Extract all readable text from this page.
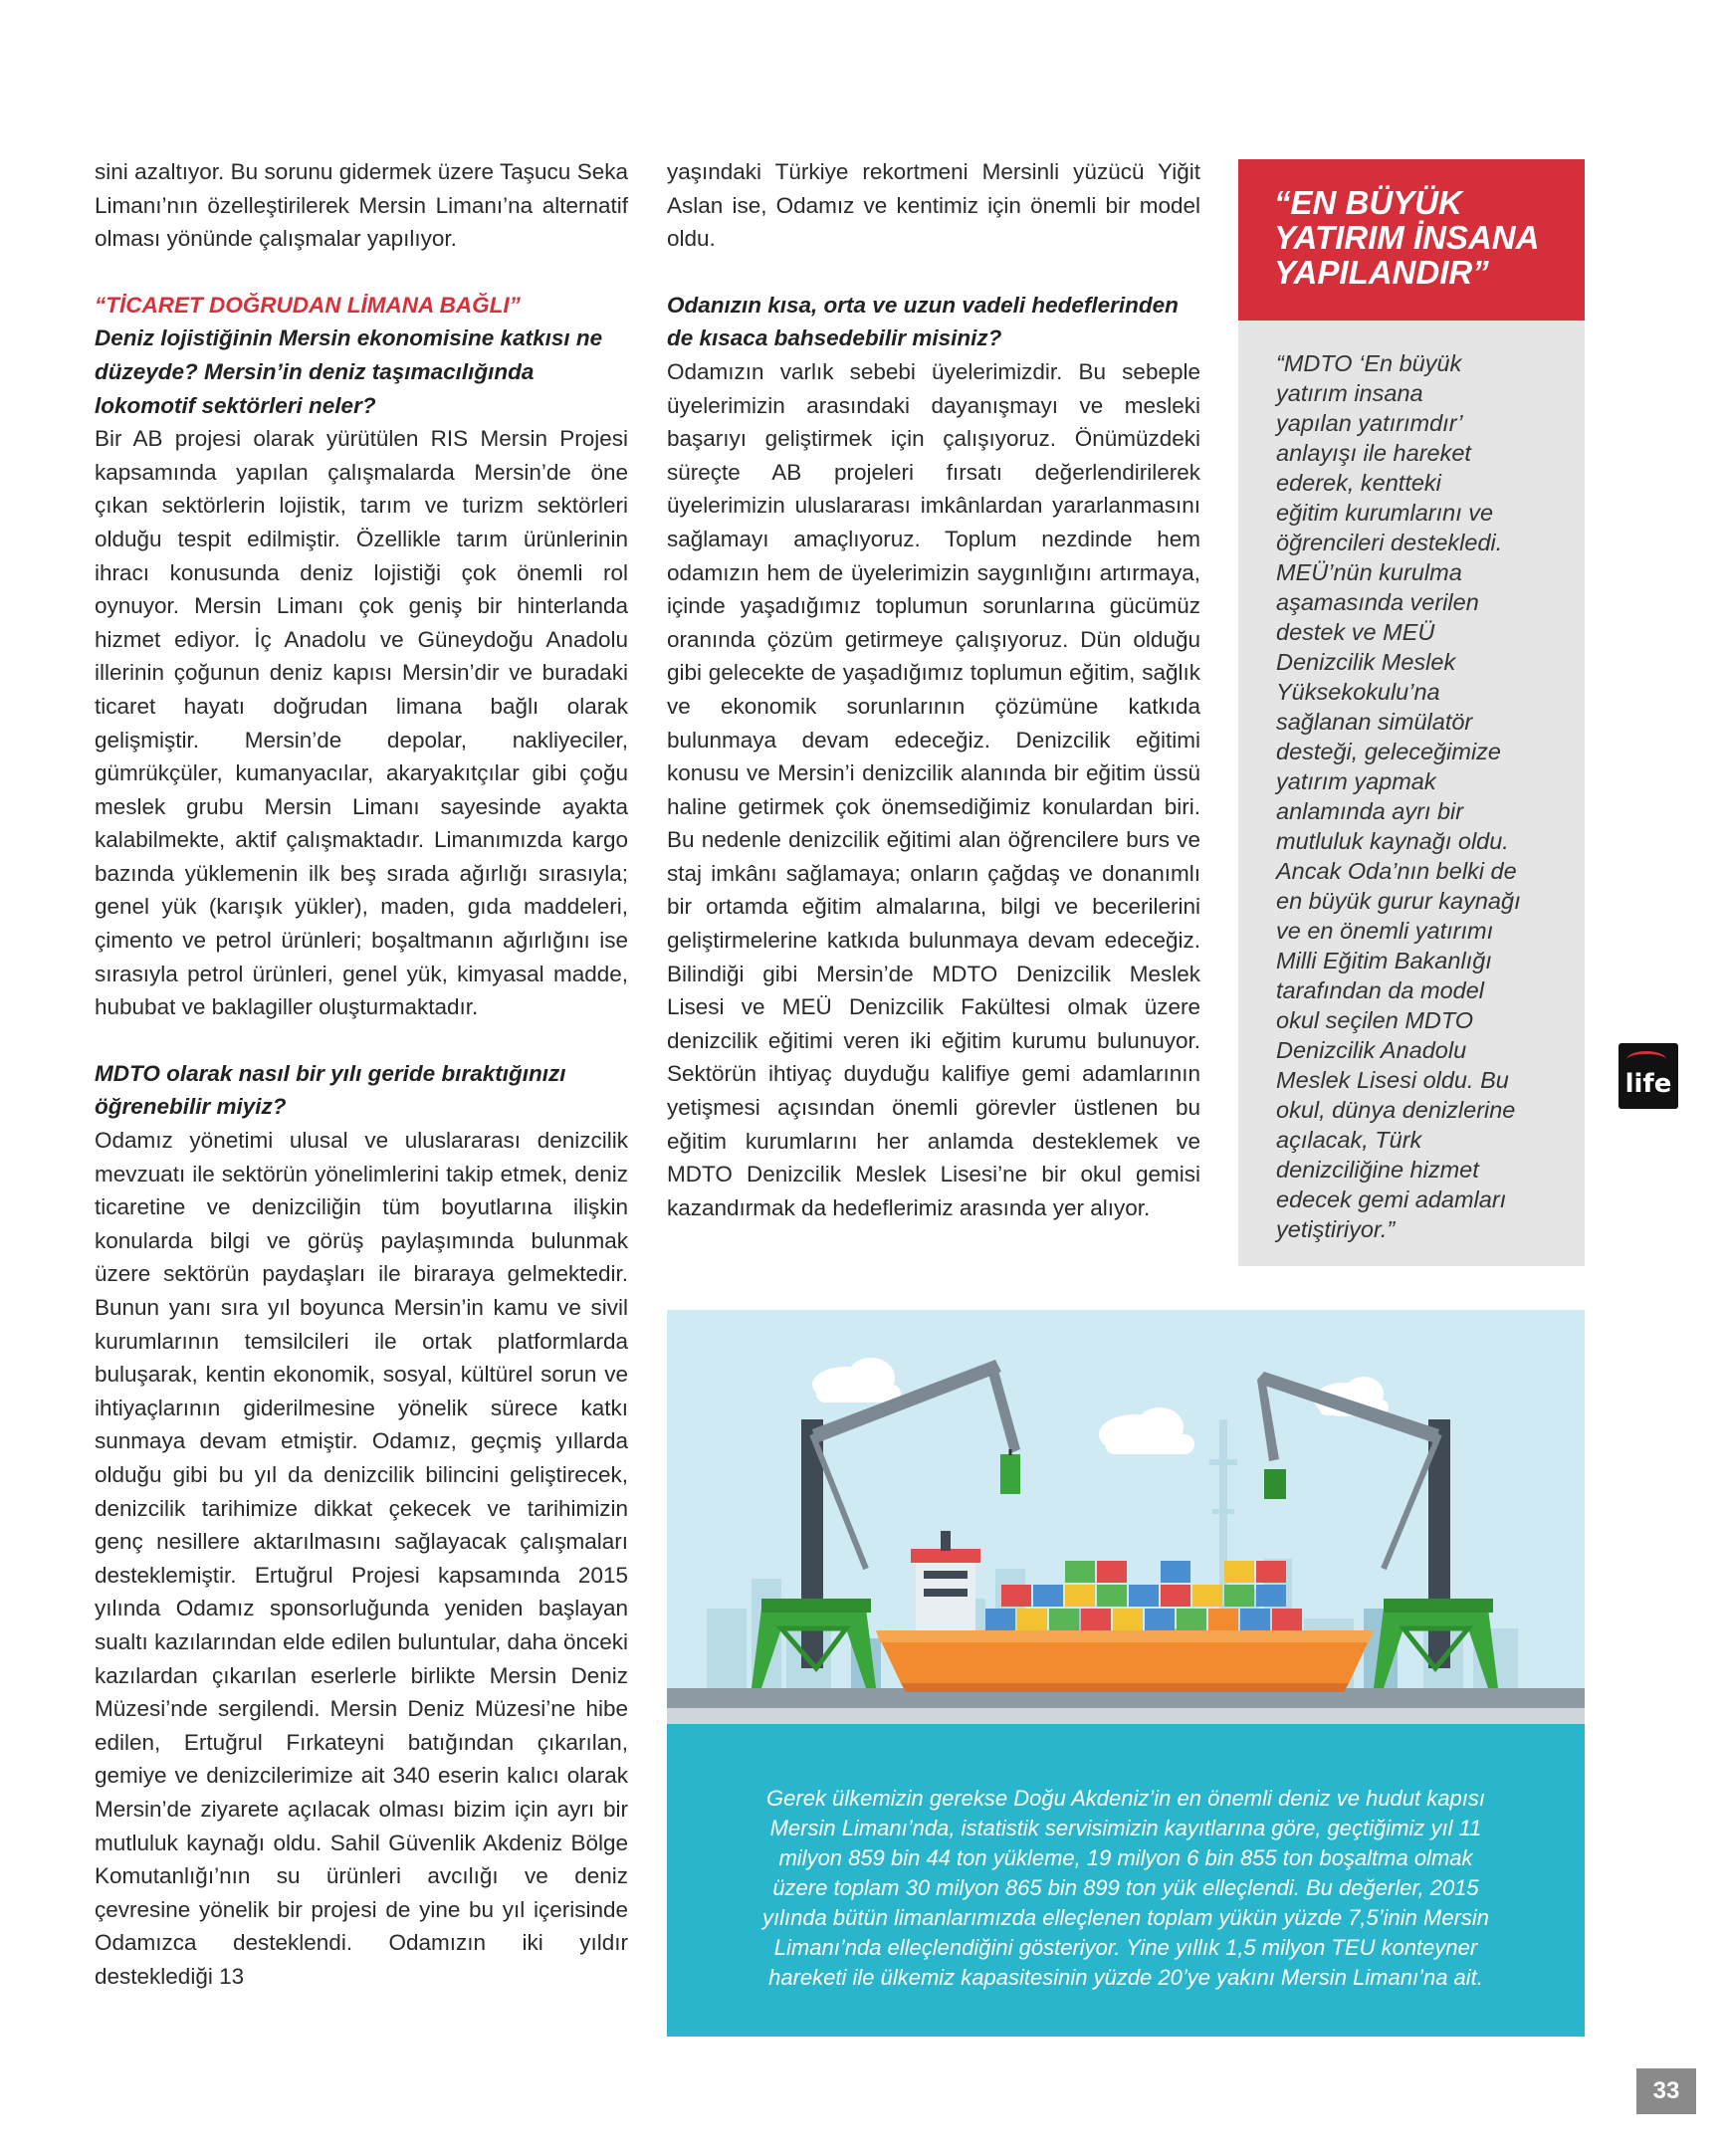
sini azaltıyor. Bu sorunu gidermek üzere Taşucu Seka Limanı’nın özelleştirilerek Mersin Limanı’na alternatif olması yönünde çalışmalar yapılıyor.

“TİCARET DOĞRUDAN LİMANA BAĞLI”

Deniz lojistiğinin Mersin ekonomisine katkısı ne düzeyde? Mersin’in deniz taşımacılığında lokomotif sektörleri neler?

Bir AB projesi olarak yürütülen RIS Mersin Projesi kapsamında yapılan çalışmalarda Mersin’de öne çıkan sektörlerin lojistik, tarım ve turizm sektörleri olduğu tespit edilmiştir. Özellikle tarım ürünlerinin ihracı konusunda deniz lojistiği çok önemli rol oynuyor. Mersin Limanı çok geniş bir hinterlanda hizmet ediyor. İç Anadolu ve Güneydoğu Anadolu illerinin çoğunun deniz kapısı Mersin’dir ve buradaki ticaret hayatı doğrudan limana bağlı olarak gelişmiştir. Mersin’de depolar, nakliyeciler, gümrükçüler, kumanyacılar, akaryakıtçılar gibi çoğu meslek grubu Mersin Limanı sayesinde ayakta kalabilmekte, aktif çalışmaktadır. Limanımızda kargo bazında yüklemenin ilk beş sırada ağırlığı sırasıyla; genel yük (karışık yükler), maden, gıda maddeleri, çimento ve petrol ürünleri; boşaltmanın ağırlığını ise sırasıyla petrol ürünleri, genel yük, kimyasal madde, hububat ve baklagiller oluşturmaktadır.

MDTO olarak nasıl bir yılı geride bıraktığınızı öğrenebilir miyiz?

Odamız yönetimi ulusal ve uluslararası denizcilik mevzuatı ile sektörün yönelimlerini takip etmek, deniz ticaretine ve denizciliğin tüm boyutlarına ilişkin konularda bilgi ve görüş paylaşımında bulunmak üzere sektörün paydaşları ile biraraya gelmektedir. Bunun yanı sıra yıl boyunca Mersin’in kamu ve sivil kurumlarının temsilcileri ile ortak platformlarda buluşarak, kentin ekonomik, sosyal, kültürel sorun ve ihtiyaçlarının giderilmesine yönelik sürece katkı sunmaya devam etmiştir. Odamız, geçmiş yıllarda olduğu gibi bu yıl da denizcilik bilincini geliştirecek, denizcilik tarihimize dikkat çekecek ve tarihimizin genç nesillere aktarılmasını sağlayacak çalışmaları desteklemiştir. Ertuğrul Projesi kapsamında 2015 yılında Odamız sponsorluğunda yeniden başlayan sualtı kazılarından elde edilen buluntular, daha önceki kazılardan çıkarılan eserlerle birlikte Mersin Deniz Müzesi’nde sergilendi. Mersin Deniz Müzesi’ne hibe edilen, Ertuğrul Fırkateyni batığından çıkarılan, gemiye ve denizcilerimize ait 340 eserin kalıcı olarak Mersin’de ziyarete açılacak olması bizim için ayrı bir mutluluk kaynağı oldu. Sahil Güvenlik Akdeniz Bölge Komutanlığı’nın su ürünleri avcılığı ve deniz çevresine yönelik bir projesi de yine bu yıl içerisinde Odamızca desteklendi. Odamızın iki yıldır desteklediği 13

yaşındaki Türkiye rekortmeni Mersinli yüzücü Yiğit Aslan ise, Odamız ve kentimiz için önemli bir model oldu.

Odanızın kısa, orta ve uzun vadeli hedeflerinden de kısaca bahsedebilir misiniz?

Odamızın varlık sebebi üyelerimizdir. Bu sebeple üyelerimizin arasındaki dayanışmayı ve mesleki başarıyı geliştirmek için çalışıyoruz. Önümüzdeki süreçte AB projeleri fırsatı değerlendirilerek üyelerimizin uluslararası imkânlardan yararlanmasını sağlamayı amaçlıyoruz. Toplum nezdinde hem odamızın hem de üyelerimizin saygınlığını artırmaya, içinde yaşadığımız toplumun sorunlarına gücümüz oranında çözüm getirmeye çalışıyoruz. Dün olduğu gibi gelecekte de yaşadığımız toplumun eğitim, sağlık ve ekonomik sorunlarının çözümüne katkıda bulunmaya devam edeceğiz. Denizcilik eğitimi konusu ve Mersin’i denizcilik alanında bir eğitim üssü haline getirmek çok önemsediğimiz konulardan biri. Bu nedenle denizcilik eğitimi alan öğrencilere burs ve staj imkânı sağlamaya; onların çağdaş ve donanımlı bir ortamda eğitim almalarına, bilgi ve becerilerini geliştirmelerine katkıda bulunmaya devam edeceğiz. Bilindiği gibi Mersin’de MDTO Denizcilik Meslek Lisesi ve MEÜ Denizcilik Fakültesi olmak üzere denizcilik eğitimi veren iki eğitim kurumu bulunuyor. Sektörün ihtiyaç duyduğu kalifiye gemi adamlarının yetişmesi açısından önemli görevler üstlenen bu eğitim kurumlarını her anlamda desteklemek ve MDTO Denizcilik Meslek Lisesi’ne bir okul gemisi kazandırmak da hedeflerimiz arasında yer alıyor.

“EN BÜYÜK
YATIRIM İNSANA
YAPILANDIR”
“MDTO ‘En büyük
yatırım insana
yapılan yatırımdır’
anlayışı ile hareket
ederek, kentteki
eğitim kurumlarını ve
öğrencileri destekledi.
MEÜ’nün kurulma
aşamasında verilen
destek ve MEÜ
Denizcilik Meslek
Yüksekokulu’na
sağlanan simülatör
desteği, geleceğimize
yatırım yapmak
anlamında ayrı bir
mutluluk kaynağı oldu.
Ancak Oda’nın belki de
en büyük gurur kaynağı
ve en önemli yatırımı
Milli Eğitim Bakanlığı
tarafından da model
okul seçilen MDTO
Denizcilik Anadolu
Meslek Lisesi oldu. Bu
okul, dünya denizlerine
açılacak, Türk
denizciliğine hizmet
edecek gemi adamları
yetiştiriyor.”
Gerek ülkemizin gerekse Doğu Akdeniz’in en önemli deniz ve hudut kapısı
Mersin Limanı’nda, istatistik servisimizin kayıtlarına göre, geçtiğimiz yıl 11
milyon 859 bin 44 ton yükleme, 19 milyon 6 bin 855 ton boşaltma olmak
üzere toplam 30 milyon 865 bin 899 ton yük elleçlendi. Bu değerler, 2015
yılında bütün limanlarımızda elleçlenen toplam yükün yüzde 7,5’inin Mersin
Limanı’nda elleçlendiğini gösteriyor. Yine yıllık 1,5 milyon TEU konteyner
hareketi ile ülkemiz kapasitesinin yüzde 20’ye yakını Mersin Limanı’na ait.
life
33
